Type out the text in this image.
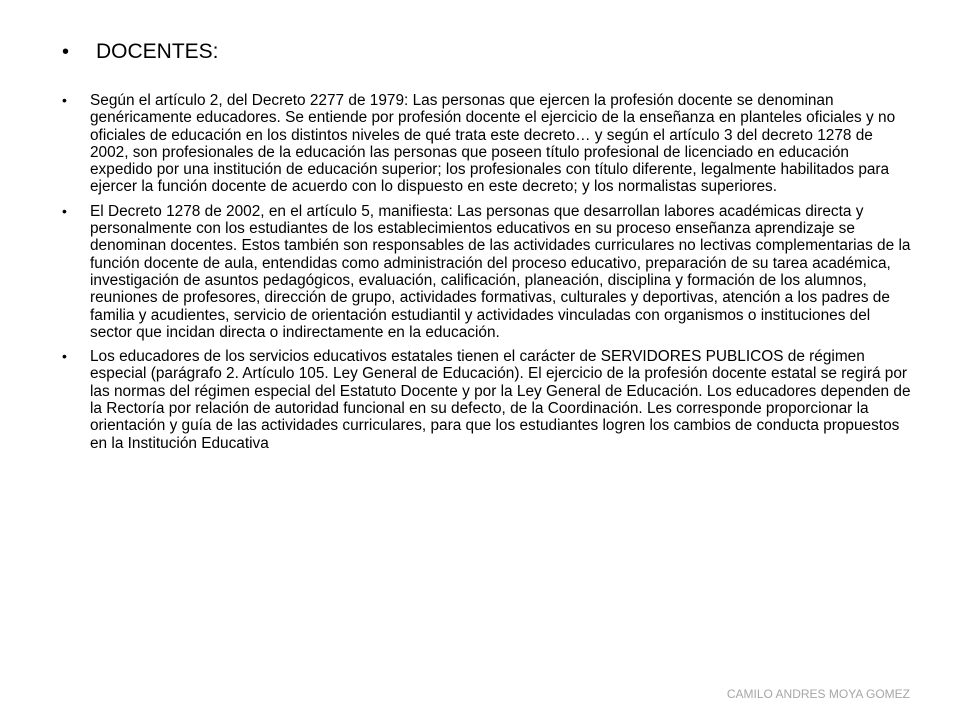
•	DOCENTES:
•	Según el artículo 2, del Decreto 2277 de 1979: Las personas que ejercen la profesión docente se denominan genéricamente educadores. Se entiende por profesión docente el ejercicio de la enseñanza en planteles oficiales y no oficiales de educación en los distintos niveles de qué trata este decreto… y según el artículo 3 del decreto 1278 de 2002, son profesionales de la educación las personas que poseen título profesional de licenciado en educación expedido por una institución de educación superior; los profesionales con título diferente, legalmente habilitados para ejercer la función docente de acuerdo con lo dispuesto en este decreto; y los normalistas superiores.
•	El Decreto 1278 de 2002, en el artículo 5, manifiesta: Las personas que desarrollan labores académicas directa y personalmente con los estudiantes de los establecimientos educativos en su proceso enseñanza aprendizaje se denominan docentes. Estos también son responsables de las actividades curriculares no lectivas complementarias de la función docente de aula, entendidas como administración del proceso educativo, preparación de su tarea académica, investigación de asuntos pedagógicos, evaluación, calificación, planeación, disciplina y formación de los alumnos, reuniones de profesores, dirección de grupo, actividades formativas, culturales y deportivas, atención a los padres de familia y acudientes, servicio de orientación estudiantil y actividades vinculadas con organismos o instituciones del sector que incidan directa o indirectamente en la educación.
•	Los educadores de los servicios educativos estatales tienen el carácter de SERVIDORES PUBLICOS de régimen especial (parágrafo 2. Artículo 105. Ley General de Educación). El ejercicio de la profesión docente estatal se regirá por las normas del régimen especial del Estatuto Docente y por la Ley General de Educación. Los educadores dependen de la Rectoría por relación de autoridad funcional en su defecto, de la Coordinación. Les corresponde proporcionar la orientación y guía de las actividades curriculares, para que los estudiantes logren los cambios de conducta propuestos en la Institución Educativa
CAMILO ANDRES MOYA GOMEZ
